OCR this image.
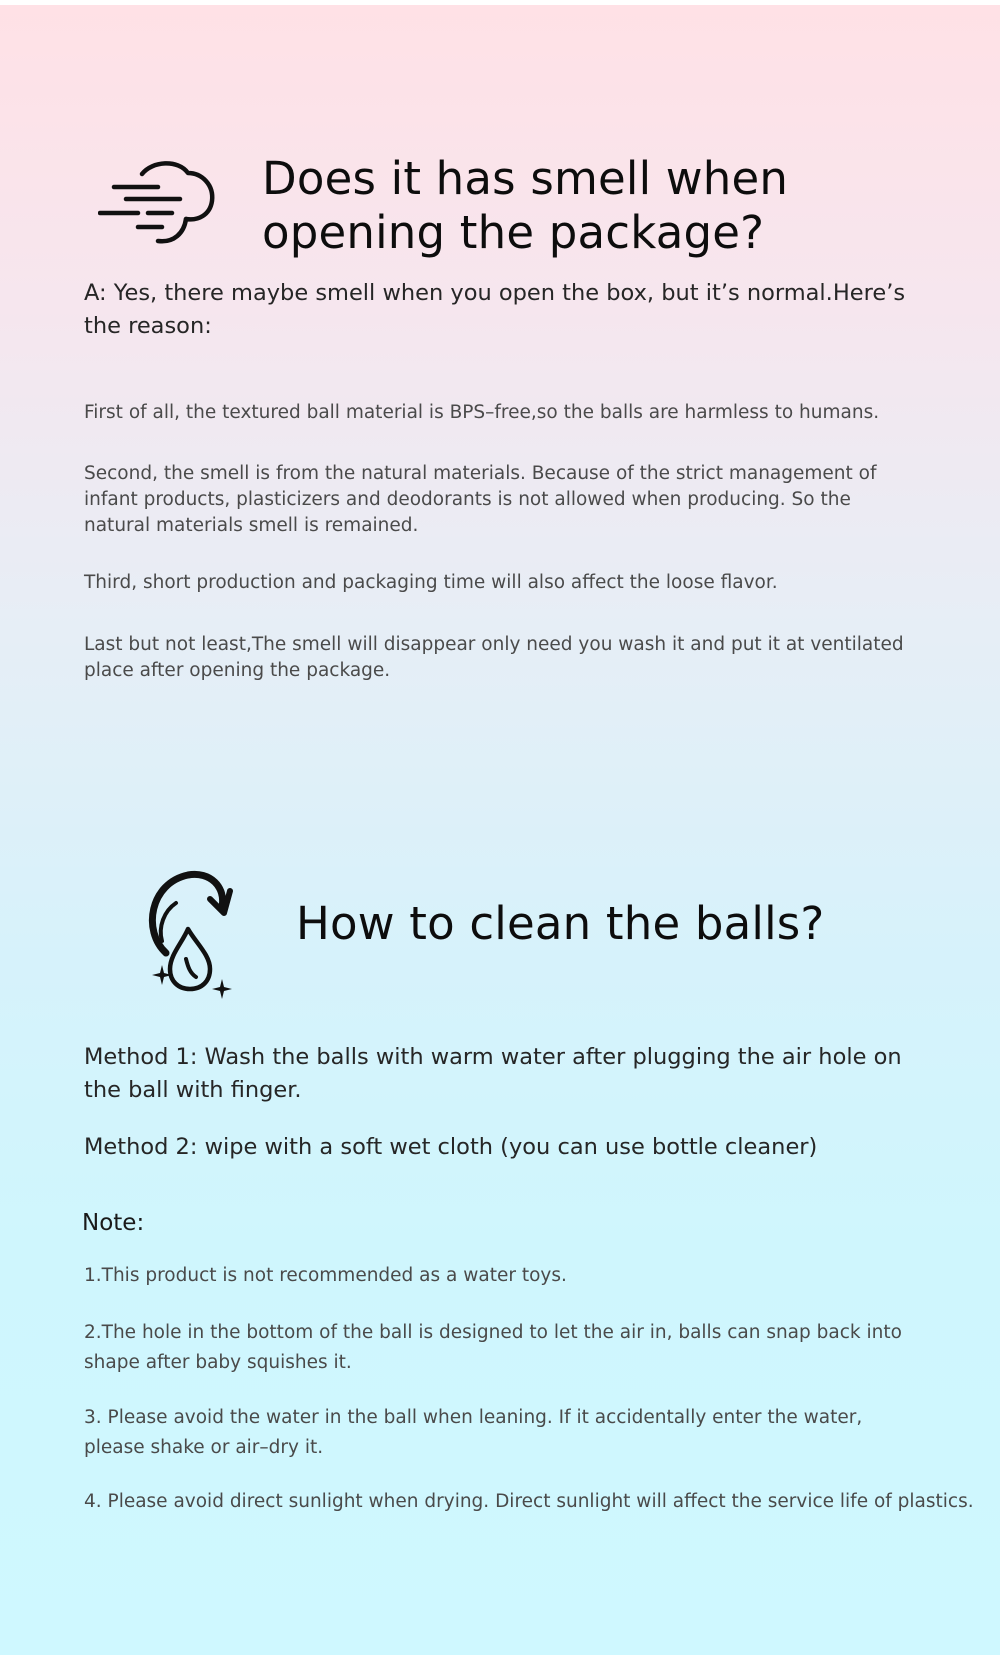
Does it has smell when opening the package?

A: Yes, there maybe smell when you open the box, but it’s normal.Here’s the reason:

First of all, the textured ball material is BPS–free,so the balls are harmless to humans.

Second, the smell is from the natural materials. Because of the strict management of infant products, plasticizers and deodorants is not allowed when producing. So the natural materials smell is remained.

Third, short production and packaging time will also affect the loose flavor.

Last but not least,The smell will disappear only need you wash it and put it at ventilated place after opening the package.

How to clean the balls?

Method 1: Wash the balls with warm water after plugging the air hole on the ball with finger.

Method 2: wipe with a soft wet cloth (you can use bottle cleaner)

Note:

1.This product is not recommended as a water toys.

2.The hole in the bottom of the ball is designed to let the air in, balls can snap back into shape after baby squishes it.

3. Please avoid the water in the ball when leaning. If it accidentally enter the water, please shake or air–dry it.

4. Please avoid direct sunlight when drying. Direct sunlight will affect the service life of plastics.
